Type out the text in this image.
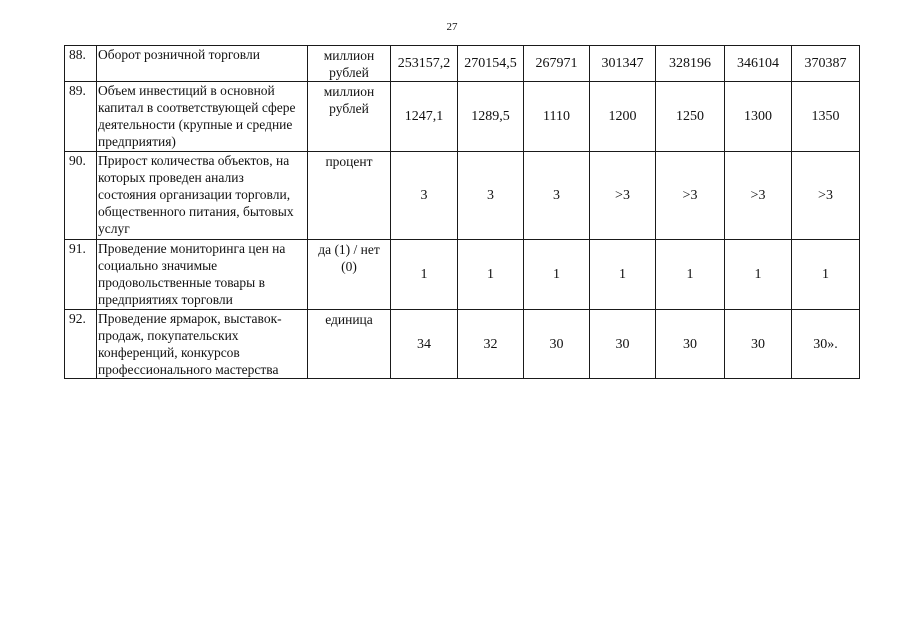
27
88.	Оборот розничной торговли	миллион рублей	253157,2	270154,5	267971	301347	328196	346104	370387
89.	Объем инвестиций в основной капитал в соответствующей сфере деятельности (крупные и средние предприятия)	миллион рублей	1247,1	1289,5	1110	1200	1250	1300	1350
90.	Прирост количества объектов, на которых проведен анализ состояния организации торговли, общественного питания, бытовых услуг	процент	3	3	3	>3	>3	>3	>3
91.	Проведение мониторинга цен на социально значимые продовольственные товары в предприятиях торговли	да (1) / нет (0)	1	1	1	1	1	1	1
92.	Проведение ярмарок, выставок-продаж, покупательских конференций, конкурсов профессионального мастерства	единица	34	32	30	30	30	30	30».
